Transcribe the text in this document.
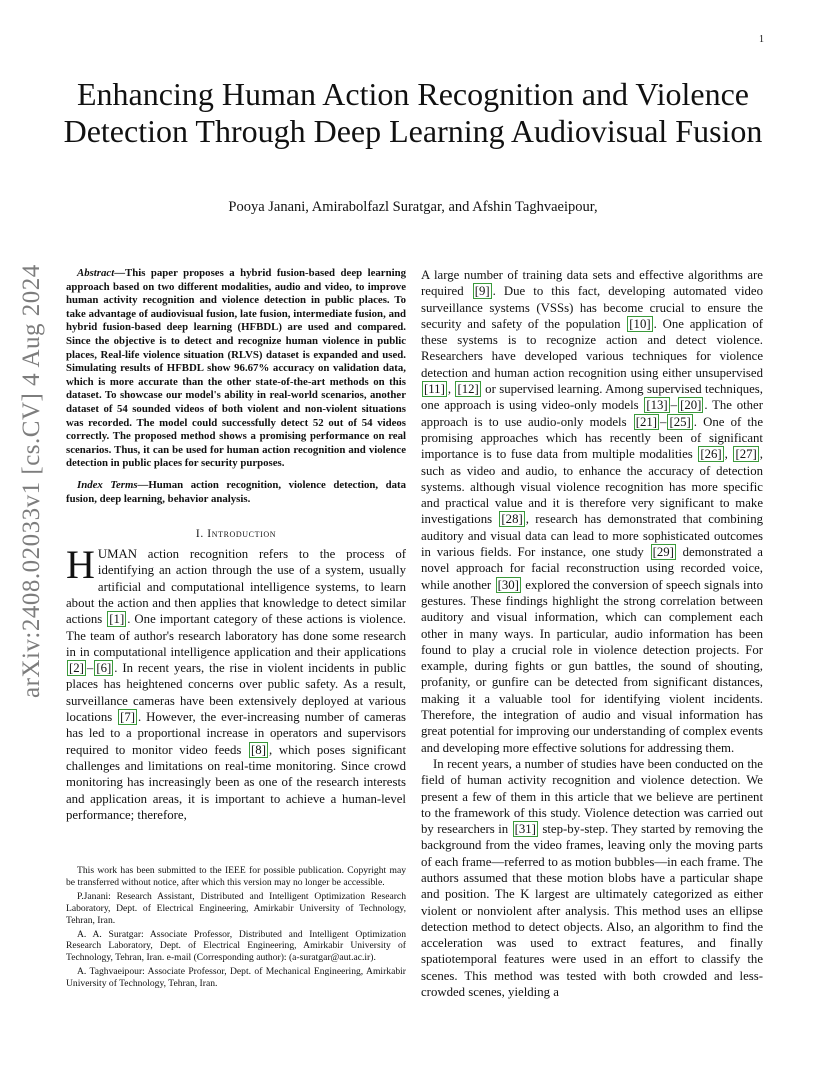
1
arXiv:2408.02033v1 [cs.CV] 4 Aug 2024
Enhancing Human Action Recognition and Violence Detection Through Deep Learning Audiovisual Fusion
Pooya Janani, Amirabolfazl Suratgar, and Afshin Taghvaeipour,

Abstract—This paper proposes a hybrid fusion-based deep learning approach based on two different modalities, audio and video, to improve human activity recognition and violence detection in public places. To take advantage of audiovisual fusion, late fusion, intermediate fusion, and hybrid fusion-based deep learning (HFBDL) are used and compared. Since the objective is to detect and recognize human violence in public places, Real-life violence situation (RLVS) dataset is expanded and used. Simulating results of HFBDL show 96.67% accuracy on validation data, which is more accurate than the other state-of-the-art methods on this dataset. To showcase our model's ability in real-world scenarios, another dataset of 54 sounded videos of both violent and non-violent situations was recorded. The model could successfully detect 52 out of 54 videos correctly. The proposed method shows a promising performance on real scenarios. Thus, it can be used for human action recognition and violence detection in public places for security purposes.

Index Terms—Human action recognition, violence detection, data fusion, deep learning, behavior analysis.

I. Introduction

HUMAN action recognition refers to the process of identifying an action through the use of a system, usually artificial and computational intelligence systems, to learn about the action and then applies that knowledge to detect similar actions [1] . One important category of these actions is violence. The team of author's research laboratory has done some research in in computational intelligence application and their applications [2] – [6] . In recent years, the rise in violent incidents in public places has heightened concerns over public safety. As a result, surveillance cameras have been extensively deployed at various locations [7] . However, the ever-increasing number of cameras has led to a proportional increase in operators and supervisors required to monitor video feeds [8] , which poses significant challenges and limitations on real-time monitoring. Since crowd monitoring has increasingly been as one of the research interests and application areas, it is important to achieve a human-level performance; therefore,

This work has been submitted to the IEEE for possible publication. Copyright may be transferred without notice, after which this version may no longer be accessible.

P.Janani: Research Assistant, Distributed and Intelligent Optimization Research Laboratory, Dept. of Electrical Engineering, Amirkabir University of Technology, Tehran, Iran.

A. A. Suratgar: Associate Professor, Distributed and Intelligent Optimization Research Laboratory, Dept. of Electrical Engineering, Amirkabir University of Technology, Tehran, Iran. e-mail (Corresponding author): (a-suratgar@aut.ac.ir).

A. Taghvaeipour: Associate Professor, Dept. of Mechanical Engineering, Amirkabir University of Technology, Tehran, Iran.

A large number of training data sets and effective algorithms are required [9] . Due to this fact, developing automated video surveillance systems (VSSs) has become crucial to ensure the security and safety of the population [10] . One application of these systems is to recognize action and detect violence. Researchers have developed various techniques for violence detection and human action recognition using either unsupervised [11] , [12] or supervised learning. Among supervised techniques, one approach is using video-only models [13] – [20] . The other approach is to use audio-only models [21] – [25] . One of the promising approaches which has recently been of significant importance is to fuse data from multiple modalities [26] , [27] , such as video and audio, to enhance the accuracy of detection systems. although visual violence recognition has more specific and practical value and it is therefore very significant to make investigations [28] , research has demonstrated that combining auditory and visual data can lead to more sophisticated outcomes in various fields. For instance, one study [29] demonstrated a novel approach for facial reconstruction using recorded voice, while another [30] explored the conversion of speech signals into gestures. These findings highlight the strong correlation between auditory and visual information, which can complement each other in many ways. In particular, audio information has been found to play a crucial role in violence detection projects. For example, during fights or gun battles, the sound of shouting, profanity, or gunfire can be detected from significant distances, making it a valuable tool for identifying violent incidents. Therefore, the integration of audio and visual information has great potential for improving our understanding of complex events and developing more effective solutions for addressing them.

In recent years, a number of studies have been conducted on the field of human activity recognition and violence detection. We present a few of them in this article that we believe are pertinent to the framework of this study. Violence detection was carried out by researchers in [31] step-by-step. They started by removing the background from the video frames, leaving only the moving parts of each frame—referred to as motion bubbles—in each frame. The authors assumed that these motion blobs have a particular shape and position. The K largest are ultimately categorized as either violent or nonviolent after analysis. This method uses an ellipse detection method to detect objects. Also, an algorithm to find the acceleration was used to extract features, and finally spatiotemporal features were used in an effort to classify the scenes. This method was tested with both crowded and less-crowded scenes, yielding a
